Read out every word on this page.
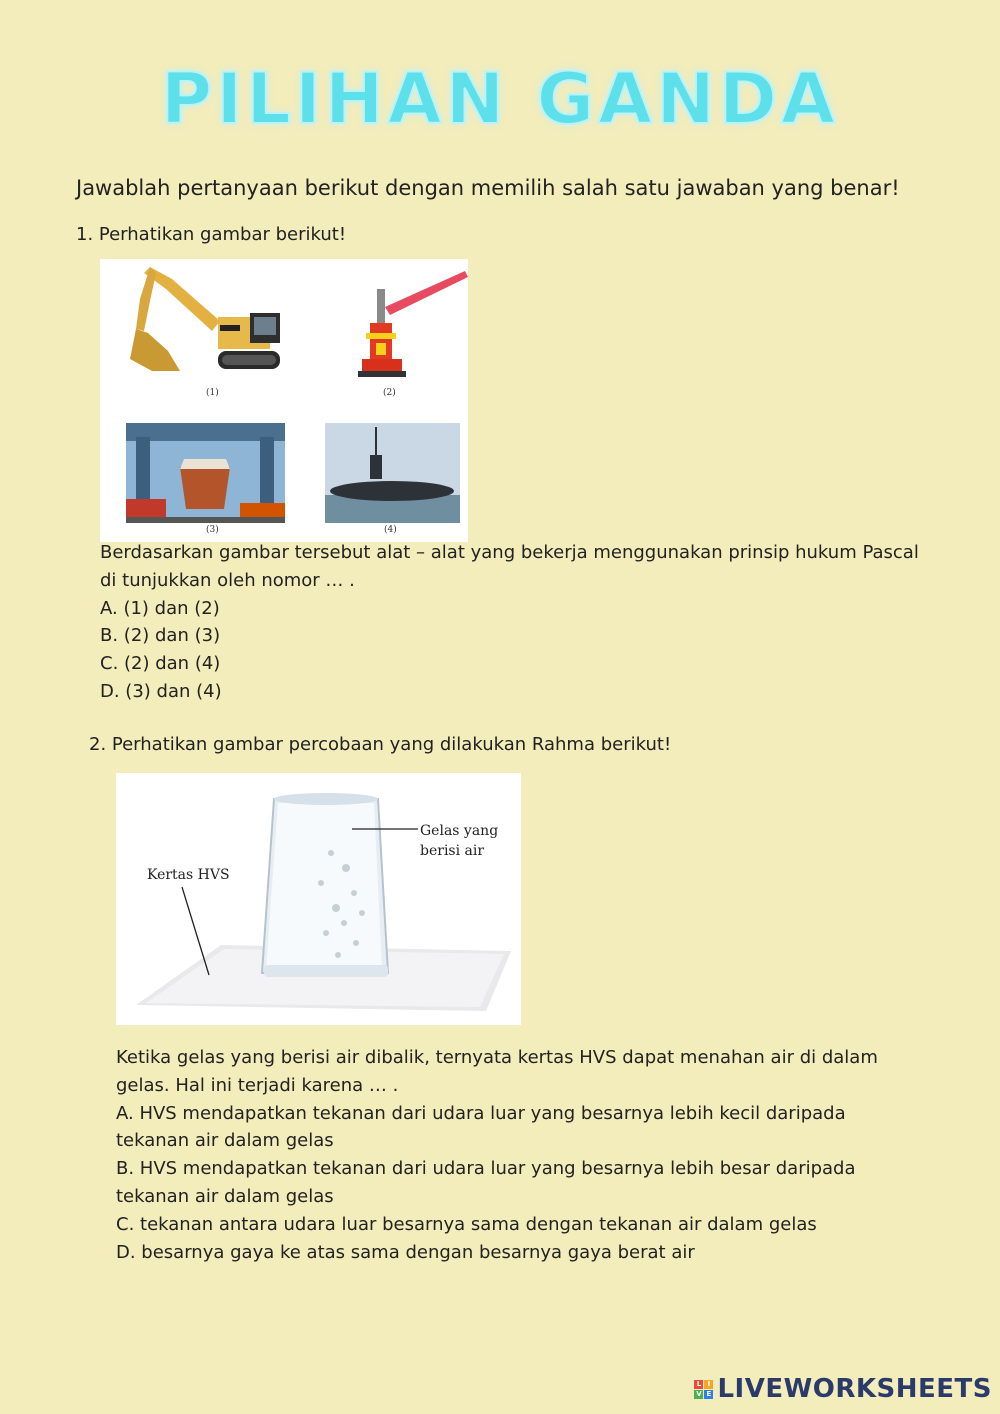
PILIHAN GANDA
Jawablah pertanyaan berikut dengan memilih salah satu jawaban yang benar!
1. Perhatikan gambar berikut!
(1)	(2)
(3)	(4)
Berdasarkan gambar tersebut alat – alat yang bekerja menggunakan prinsip hukum Pascal
di tunjukkan oleh nomor … .
A. (1) dan (2)
B. (2) dan (3)
C. (2) dan (4)
D. (3) dan (4)
2. Perhatikan gambar percobaan yang dilakukan Rahma berikut!
Gelas yang
berisi air
Kertas HVS
Ketika gelas yang berisi air dibalik, ternyata kertas HVS dapat menahan air di dalam
gelas. Hal ini terjadi karena … .
A. HVS mendapatkan tekanan dari udara luar yang besarnya lebih kecil daripada
tekanan air dalam gelas
B. HVS mendapatkan tekanan dari udara luar yang besarnya lebih besar daripada
tekanan air dalam gelas
C. tekanan antara udara luar besarnya sama dengan tekanan air dalam gelas
D. besarnya gaya ke atas sama dengan besarnya gaya berat air
L I
V E LIVEWORKSHEETS
